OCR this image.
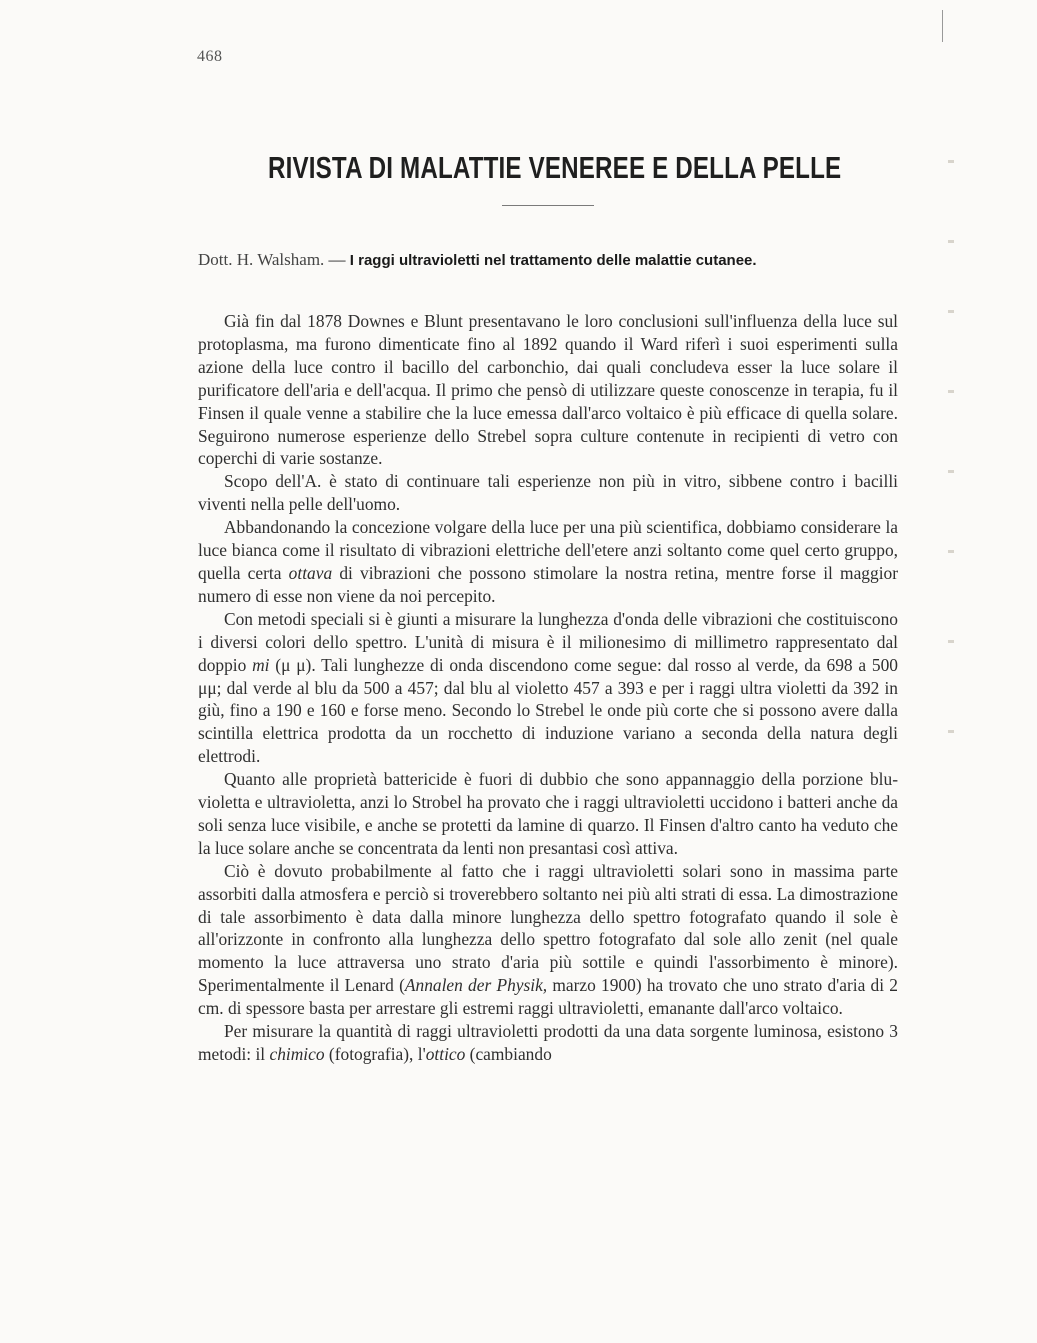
468
RIVISTA DI MALATTIE VENEREE E DELLA PELLE
Dott. H. Walsham. — I raggi ultravioletti nel trattamento delle malattie cutanee.

Già fin dal 1878 Downes e Blunt presentavano le loro conclusioni sull'influenza della luce sul protoplasma, ma furono dimenticate fino al 1892 quando il Ward riferì i suoi esperimenti sulla azione della luce contro il bacillo del carbonchio, dai quali concludeva esser la luce solare il purificatore dell'aria e dell'acqua. Il primo che pensò di utilizzare queste conoscenze in terapia, fu il Finsen il quale venne a stabilire che la luce emessa dall'arco voltaico è più efficace di quella solare. Seguirono numerose esperienze dello Strebel sopra culture contenute in recipienti di vetro con coperchi di varie sostanze.

Scopo dell'A. è stato di continuare tali esperienze non più in vitro, sibbene contro i bacilli viventi nella pelle dell'uomo.

Abbandonando la concezione volgare della luce per una più scientifica, dobbiamo considerare la luce bianca come il risultato di vibrazioni elettriche dell'etere anzi soltanto come quel certo gruppo, quella certa ottava di vibrazioni che possono stimolare la nostra retina, mentre forse il maggior numero di esse non viene da noi percepito.

Con metodi speciali si è giunti a misurare la lunghezza d'onda delle vibrazioni che costituiscono i diversi colori dello spettro. L'unità di misura è il milionesimo di millimetro rappresentato dal doppio mi (μ μ). Tali lunghezze di onda discendono come segue: dal rosso al verde, da 698 a 500 μμ; dal verde al blu da 500 a 457; dal blu al violetto 457 a 393 e per i raggi ultra violetti da 392 in giù, fino a 190 e 160 e forse meno. Secondo lo Strebel le onde più corte che si possono avere dalla scintilla elettrica prodotta da un rocchetto di induzione variano a seconda della natura degli elettrodi.

Quanto alle proprietà battericide è fuori di dubbio che sono appannaggio della porzione blu-violetta e ultravioletta, anzi lo Strobel ha provato che i raggi ultravioletti uccidono i batteri anche da soli senza luce visibile, e anche se protetti da lamine di quarzo. Il Finsen d'altro canto ha veduto che la luce solare anche se concentrata da lenti non presantasi così attiva.

Ciò è dovuto probabilmente al fatto che i raggi ultravioletti solari sono in massima parte assorbiti dalla atmosfera e perciò si troverebbero soltanto nei più alti strati di essa. La dimostrazione di tale assorbimento è data dalla minore lunghezza dello spettro fotografato quando il sole è all'orizzonte in confronto alla lunghezza dello spettro fotografato dal sole allo zenit (nel quale momento la luce attraversa uno strato d'aria più sottile e quindi l'assorbimento è minore). Sperimentalmente il Lenard (Annalen der Physik, marzo 1900) ha trovato che uno strato d'aria di 2 cm. di spessore basta per arrestare gli estremi raggi ultravioletti, emanante dall'arco voltaico.

Per misurare la quantità di raggi ultravioletti prodotti da una data sorgente luminosa, esistono 3 metodi: il chimico (fotografia), l'ottico (cambiando
